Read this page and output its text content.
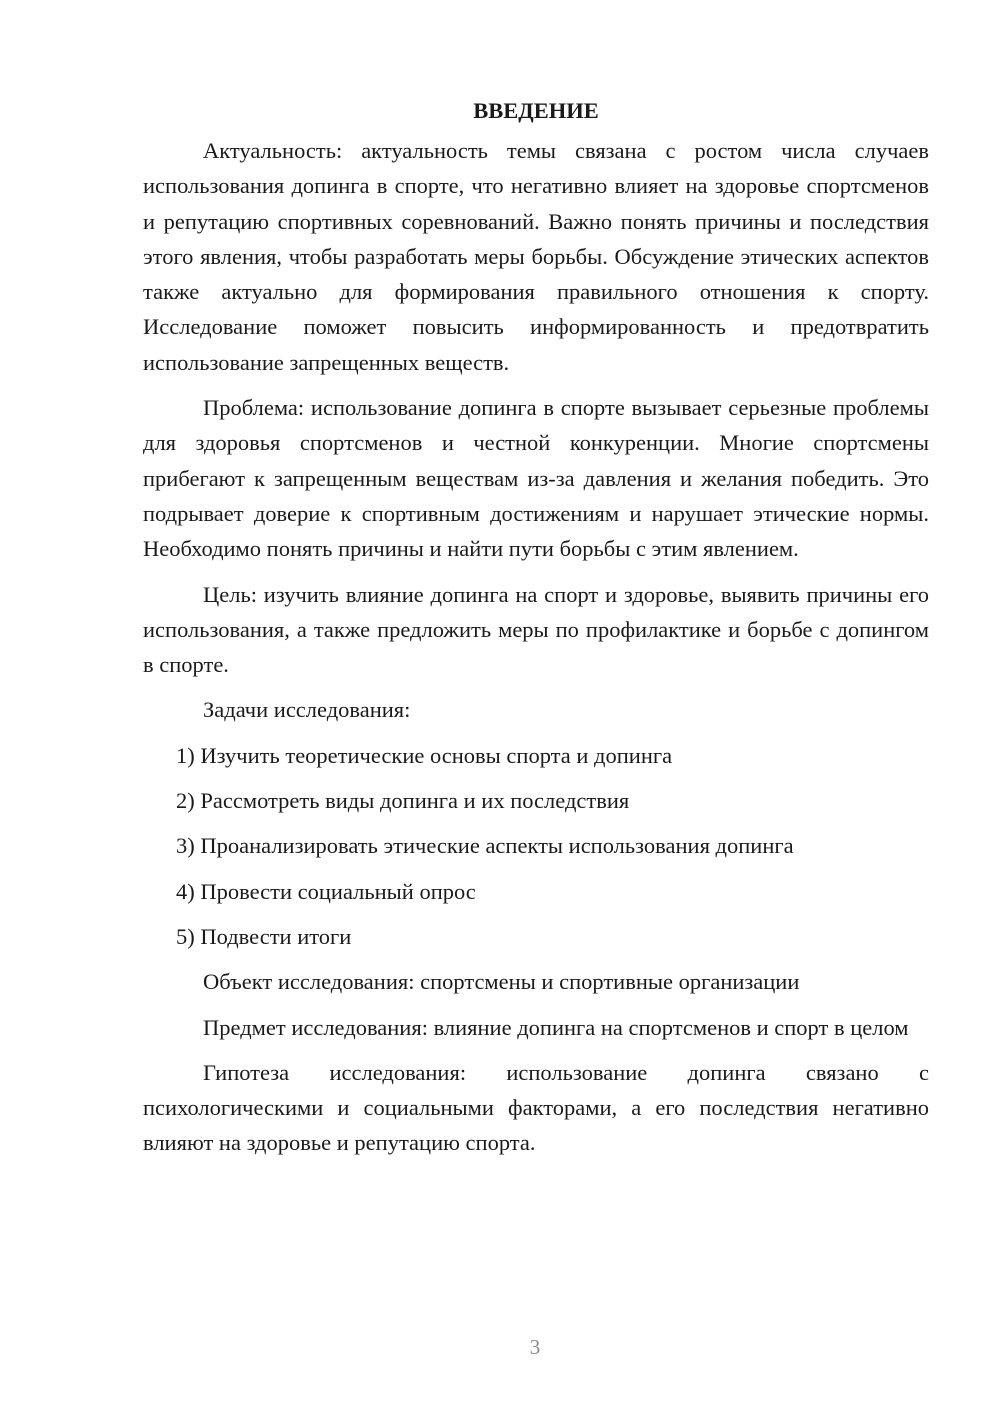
ВВЕДЕНИЕ

Актуальность: актуальность темы связана с ростом числа случаев использования допинга в спорте, что негативно влияет на здоровье спортсменов и репутацию спортивных соревнований. Важно понять причины и последствия этого явления, чтобы разработать меры борьбы. Обсуждение этических аспектов также актуально для формирования правильного отношения к спорту. Исследование поможет повысить информированность и предотвратить использование запрещенных веществ.

Проблема: использование допинга в спорте вызывает серьезные проблемы для здоровья спортсменов и честной конкуренции. Многие спортсмены прибегают к запрещенным веществам из-за давления и желания победить. Это подрывает доверие к спортивным достижениям и нарушает этические нормы. Необходимо понять причины и найти пути борьбы с этим явлением.

Цель: изучить влияние допинга на спорт и здоровье, выявить причины его использования, а также предложить меры по профилактике и борьбе с допингом в спорте.

Задачи исследования:

1) Изучить теоретические основы спорта и допинга
2) Рассмотреть виды допинга и их последствия
3) Проанализировать этические аспекты использования допинга
4) Провести социальный опрос
5) Подвести итоги

Объект исследования: спортсмены и спортивные организации

Предмет исследования: влияние допинга на спортсменов и спорт в целом

Гипотеза исследования: использование допинга связано с психологическими и социальными факторами, а его последствия негативно влияют на здоровье и репутацию спорта.

3
